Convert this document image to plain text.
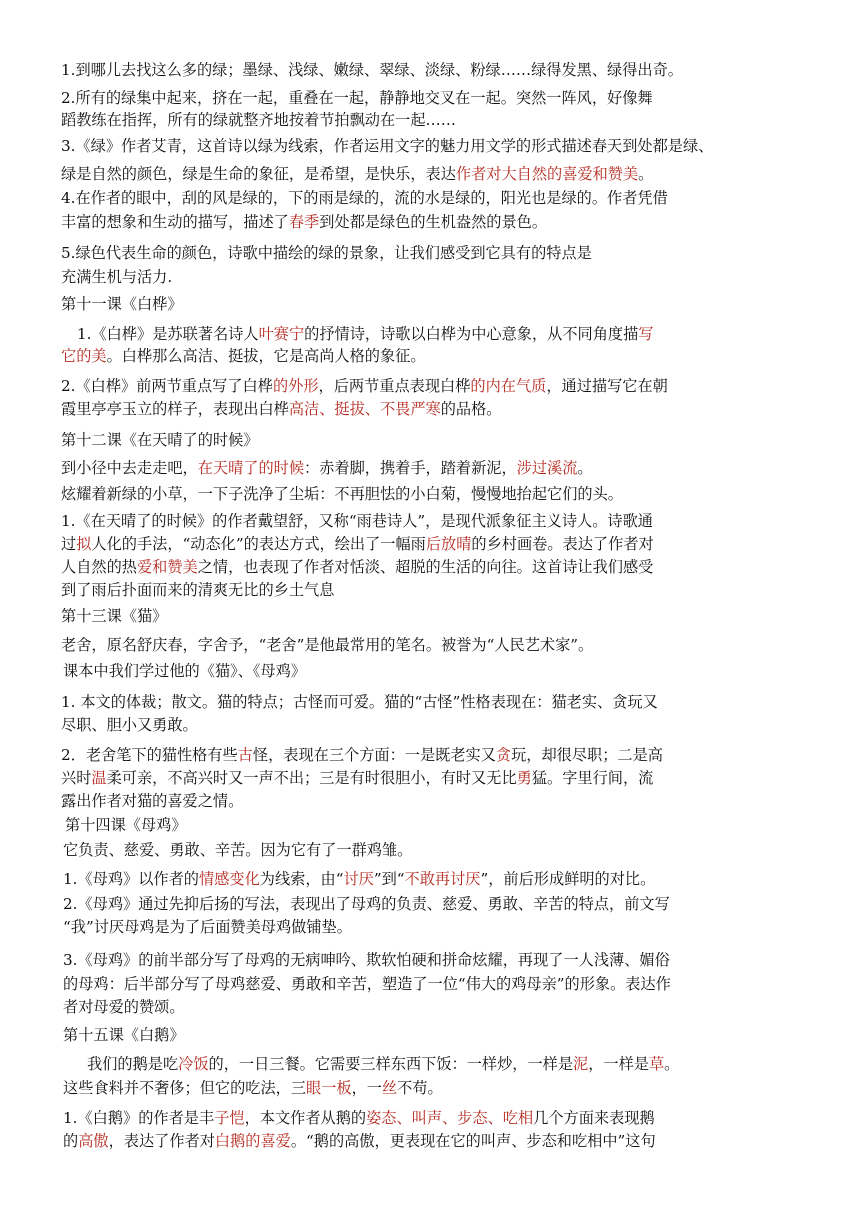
1.到哪儿去找这么多的绿；墨绿、浅绿、嫩绿、翠绿、淡绿、粉绿……绿得发黑、绿得出奇。
2.所有的绿集中起来，挤在一起，重叠在一起，静静地交叉在一起。突然一阵风，好像舞
蹈教练在指挥，所有的绿就整齐地按着节拍飘动在一起……
3.《绿》作者艾青，这首诗以绿为线索，作者运用文字的魅力用文学的形式描述春天到处都是绿、
绿是自然的颜色，绿是生命的象征，是希望，是快乐，表达作者对大自然的喜爱和赞美。
4.在作者的眼中，刮的风是绿的，下的雨是绿的，流的水是绿的，阳光也是绿的。作者凭借
丰富的想象和生动的描写，描述了春季到处都是绿色的生机盎然的景色。
5.绿色代表生命的颜色，诗歌中描绘的绿的景象，让我们感受到它具有的特点是
充满生机与活力.
第十一课《白桦》
1.《白桦》是苏联著名诗人叶赛宁的抒情诗，诗歌以白桦为中心意象，从不同角度描写
它的美。白桦那么高洁、挺拔，它是高尚人格的象征。
2.《白桦》前两节重点写了白桦的外形，后两节重点表现白桦的内在气质，通过描写它在朝
霞里亭亭玉立的样子，表现出白桦高洁、挺拔、不畏严寒的品格。
第十二课《在天晴了的时候》
到小径中去走走吧，在天晴了的时候：赤着脚，携着手，踏着新泥，涉过溪流。
炫耀着新绿的小草，一下子洗净了尘垢：不再胆怯的小白菊，慢慢地抬起它们的头。
1.《在天晴了的时候》的作者戴望舒，又称“雨巷诗人”，是现代派象征主义诗人。诗歌通
过拟人化的手法，“动态化”的表达方式，绘出了一幅雨后放晴的乡村画卷。表达了作者对
人自然的热爱和赞美之情，也表现了作者对恬淡、超脱的生活的向往。这首诗让我们感受
到了雨后扑面而来的清爽无比的乡土气息
第十三课《猫》
老舍，原名舒庆春，字舍予，“老舍”是他最常用的笔名。被誉为“人民艺术家”。
课本中我们学过他的《猫》、《母鸡》
1. 本文的体裁；散文。猫的特点；古怪而可爱。猫的“古怪”性格表现在：猫老实、贪玩又
尽职、胆小又勇敢。
2．老舍笔下的猫性格有些古怪，表现在三个方面：一是既老实又贪玩，却很尽职；二是高
兴时温柔可亲，不高兴时又一声不出；三是有时很胆小，有时又无比勇猛。字里行间，流
露出作者对猫的喜爱之情。
第十四课《母鸡》
它负责、慈爱、勇敢、辛苦。因为它有了一群鸡雏。
1.《母鸡》以作者的情感变化为线索，由“讨厌”到“不敢再讨厌”，前后形成鲜明的对比。
2.《母鸡》通过先抑后扬的写法，表现出了母鸡的负责、慈爱、勇敢、辛苦的特点，前文写
“我”讨厌母鸡是为了后面赞美母鸡做铺垫。
3.《母鸡》的前半部分写了母鸡的无病呻吟、欺软怕硬和拼命炫耀，再现了一人浅薄、媚俗
的母鸡：后半部分写了母鸡慈爱、勇敢和辛苦，塑造了一位“伟大的鸡母亲”的形象。表达作
者对母爱的赞颂。
第十五课《白鹅》
我们的鹅是吃冷饭的，一日三餐。它需要三样东西下饭：一样炒，一样是泥，一样是草。
这些食料并不奢侈；但它的吃法，三眼一板，一丝不苟。
1.《白鹅》的作者是丰子恺，本文作者从鹅的姿态、叫声、步态、吃相几个方面来表现鹅
的高傲，表达了作者对白鹅的喜爱。“鹅的高傲，更表现在它的叫声、步态和吃相中”这句
